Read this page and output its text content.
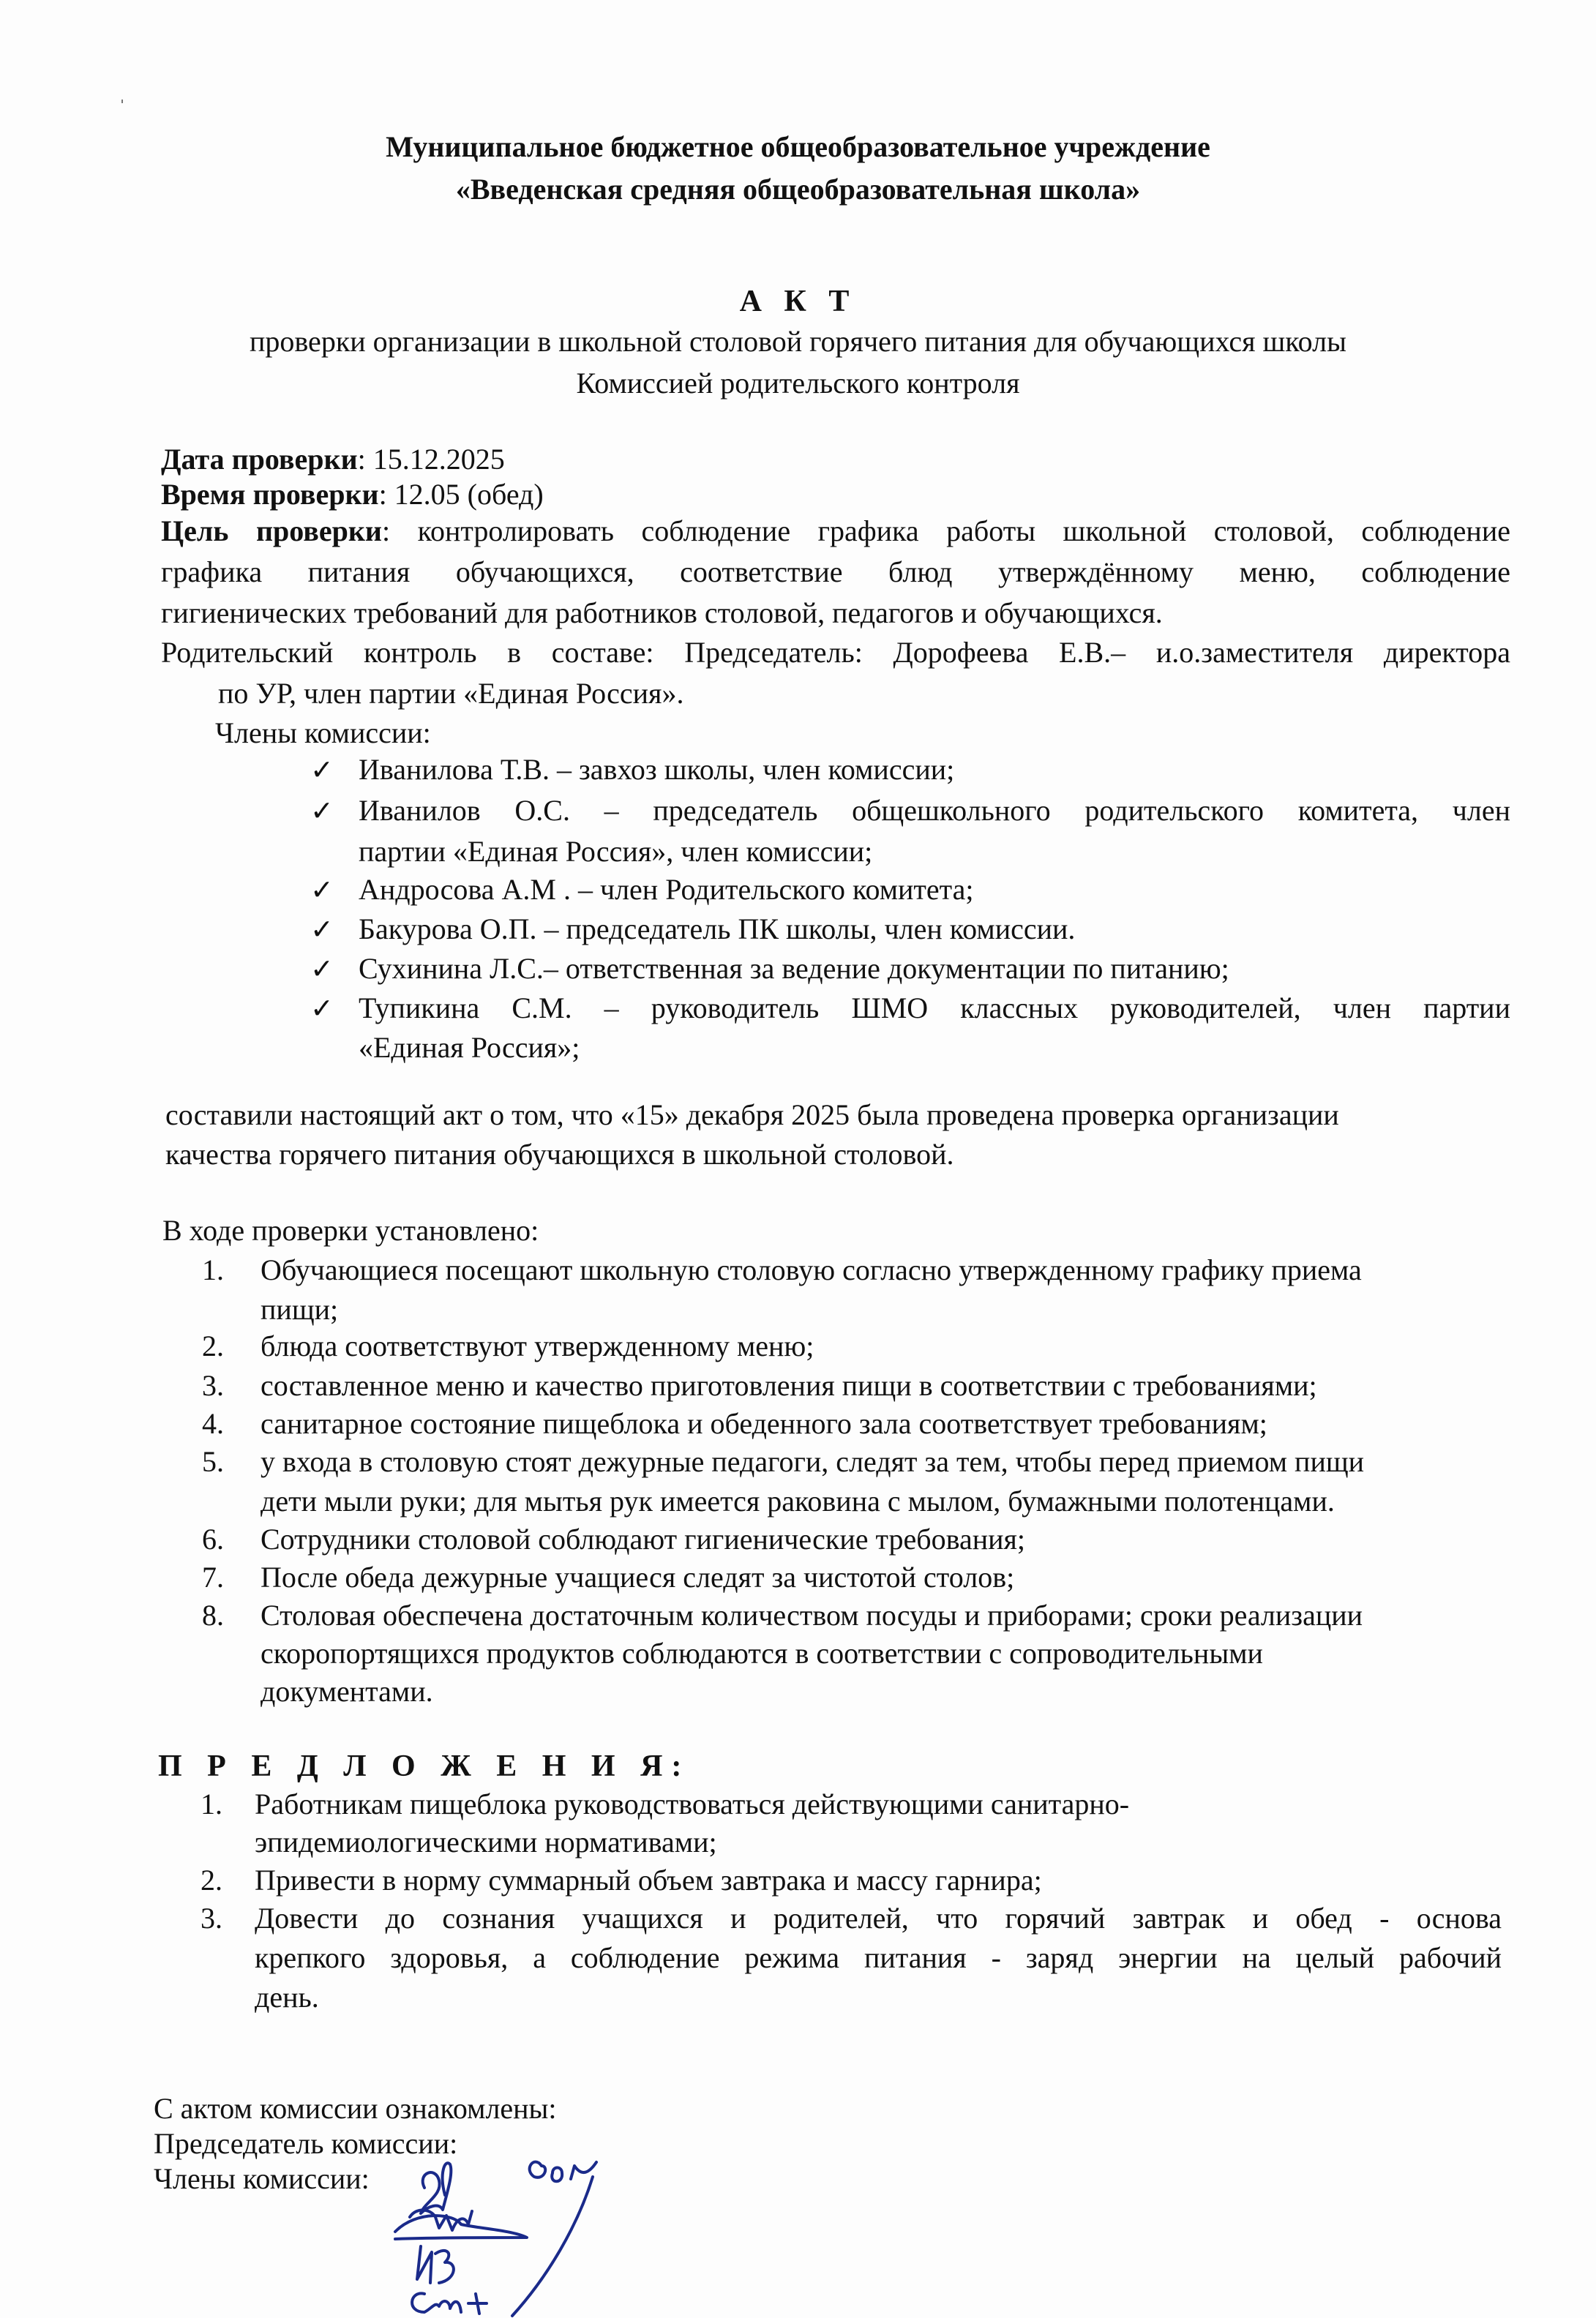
Муниципальное бюджетное общеобразовательное учреждение
«Введенская средняя общеобразовательная школа»
А К Т
проверки организации в школьной столовой горячего питания для обучающихся школы
Комиссией родительского контроля
Дата проверки: 15.12.2025
Время проверки: 12.05 (обед)
Цель проверки: контролировать соблюдение графика работы школьной столовой, соблюдение
графика питания обучающихся, соответствие блюд утверждённому меню, соблюдение
гигиенических требований для работников столовой, педагогов и обучающихся.
Родительский контроль в составе: Председатель: Дорофеева Е.В.– и.о.заместителя директора
по УР, член партии «Единая Россия».
Члены комиссии:
✓ Иванилова Т.В. – завхоз школы, член комиссии;
✓ Иванилов О.С. – председатель общешкольного родительского комитета, член
партии «Единая Россия», член комиссии;
✓ Андросова А.М . – член Родительского комитета;
✓ Бакурова О.П. – председатель ПК школы, член комиссии.
✓ Сухинина Л.С.– ответственная за ведение документации по питанию;
✓ Тупикина С.М. – руководитель ШМО классных руководителей, член партии
«Единая Россия»;
составили настоящий акт о том, что «15» декабря 2025 была проведена проверка организации
качества горячего питания обучающихся в школьной столовой.
В ходе проверки установлено:
1. Обучающиеся посещают школьную столовую согласно утвержденному графику приема
пищи;
2. блюда соответствуют утвержденному меню;
3. составленное меню и качество приготовления пищи в соответствии с требованиями;
4. санитарное состояние пищеблока и обеденного зала соответствует требованиям;
5. у входа в столовую стоят дежурные педагоги, следят за тем, чтобы перед приемом пищи
дети мыли руки; для мытья рук имеется раковина с мылом, бумажными полотенцами.
6. Сотрудники столовой соблюдают гигиенические требования;
7. После обеда дежурные учащиеся следят за чистотой столов;
8. Столовая обеспечена достаточным количеством посуды и приборами; сроки реализации
скоропортящихся продуктов соблюдаются в соответствии с сопроводительными
документами.
П Р Е Д Л О Ж Е Н И Я:
1. Работникам пищеблока руководствоваться действующими санитарно-
эпидемиологическими нормативами;
2. Привести в норму суммарный объем завтрака и массу гарнира;
3. Довести до сознания учащихся и родителей, что горячий завтрак и обед - основа
крепкого здоровья, а соблюдение режима питания - заряд энергии на целый рабочий
день.
С актом комиссии ознакомлены:
Председатель комиссии:
Члены комиссии:
